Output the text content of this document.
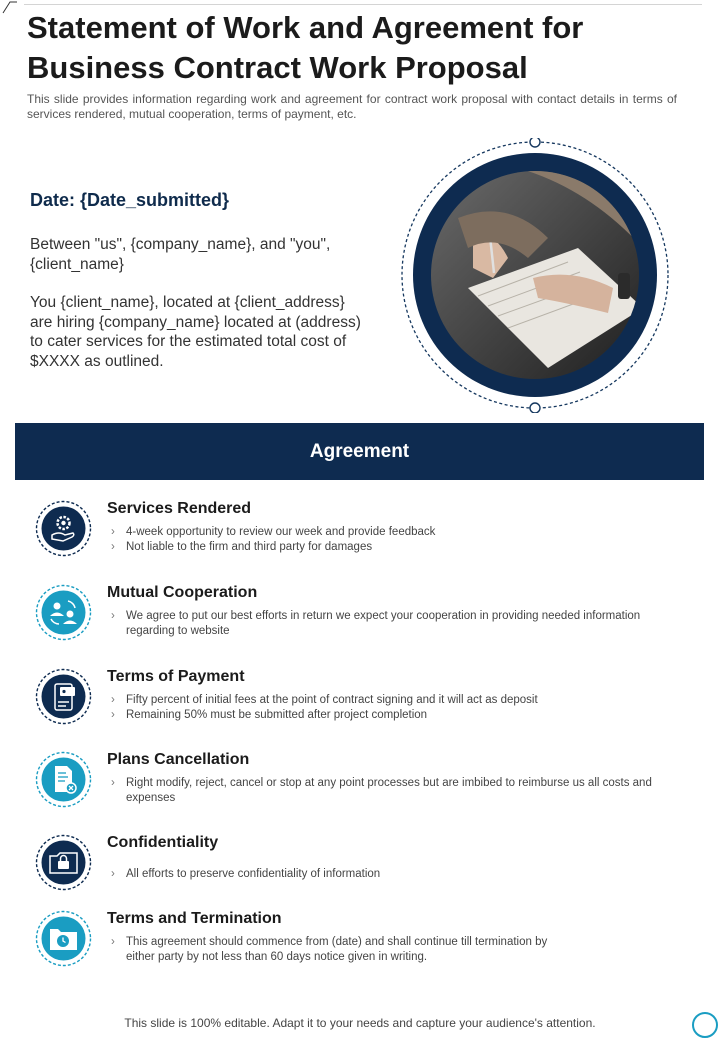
Statement of Work and Agreement for Business Contract Work Proposal

This slide provides information regarding work and agreement for contract work proposal with contact details in terms of services rendered, mutual cooperation, terms of payment, etc.

Date: {Date_submitted}

Between "us", {company_name}, and "you", {client_name}

You {client_name}, located at {client_address} are hiring {company_name} located at (address) to cater services for the estimated total cost of $XXXX as outlined.

Agreement
Services Rendered
› 4-week opportunity to review our week and provide feedback
› Not liable to the firm and third party for damages
Mutual Cooperation
› We agree to put our best efforts in return we expect your cooperation in providing needed information regarding to website
Terms of Payment
› Fifty percent of initial fees at the point of contract signing and it will act as deposit
› Remaining 50% must be submitted after project completion
Plans Cancellation
› Right modify, reject, cancel or stop at any point processes but are imbibed to reimburse us all costs and expenses
Confidentiality
› All efforts to preserve confidentiality of information
Terms and Termination
› This agreement should commence from (date) and shall continue till termination by either party by not less than 60 days notice given in writing.
This slide is 100% editable. Adapt it to your needs and capture your audience's attention.
